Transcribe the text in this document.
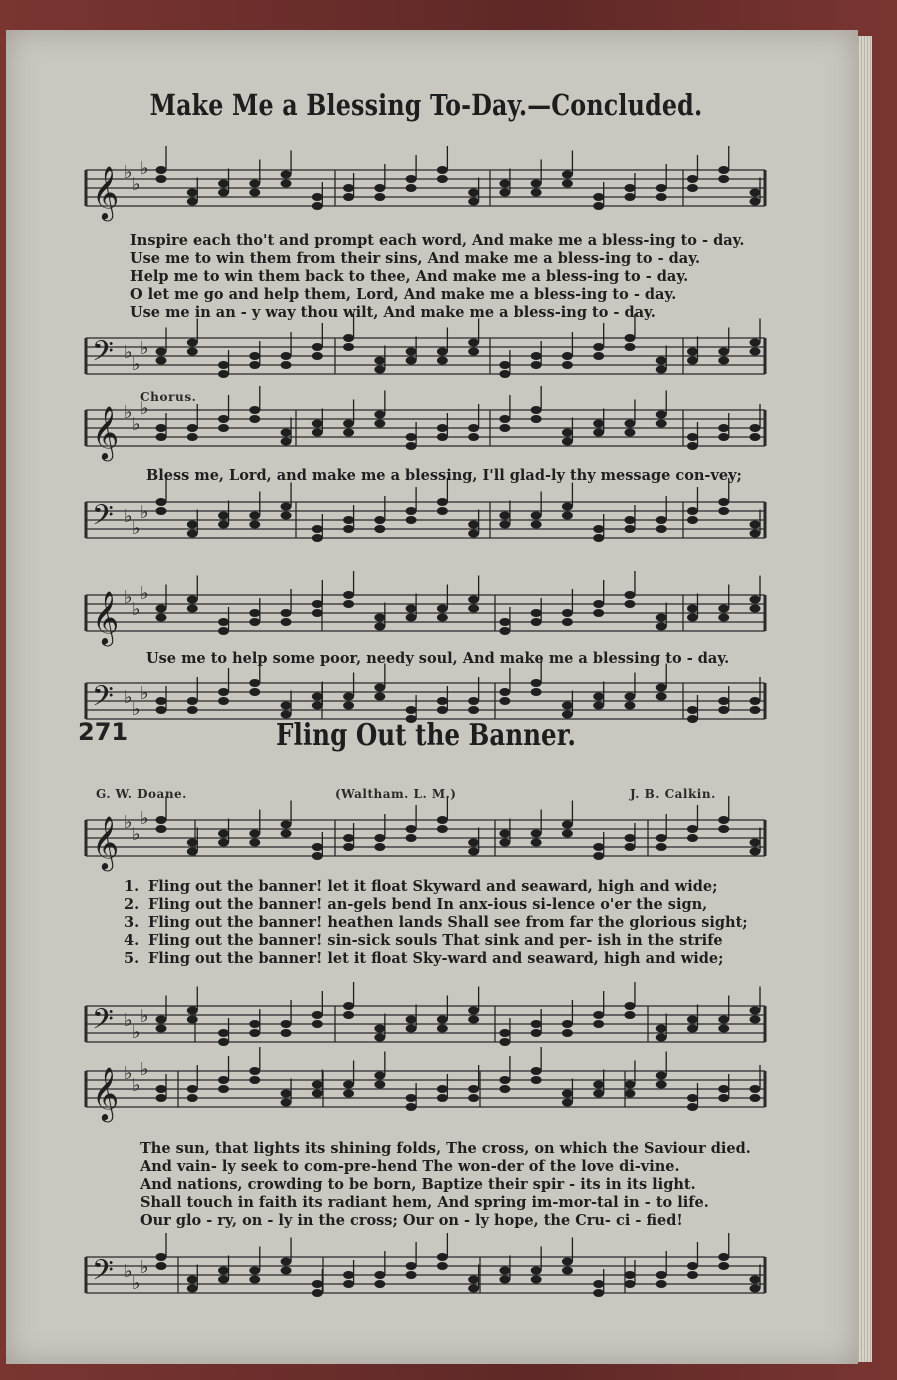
𝄞 ♭
♭
♭
𝄢 ♭
♭
♭
𝄞 ♭
♭
♭
𝄢 ♭
♭
♭
𝄞 ♭
♭
♭
𝄢 ♭
♭
♭
𝄞 ♭
♭
♭
𝄢 ♭
♭
♭
𝄞 ♭
♭
♭
𝄢 ♭
♭
♭
Make Me a Blessing To-Day.—Concluded.
Inspire each tho't and prompt each word, And make me a bless-ing to - day.
Use me to win them from their sins, And make me a bless-ing to - day.
Help me to win them back to thee, And make me a bless-ing to - day.
O let me go and help them, Lord, And make me a bless-ing to - day.
Use me in an - y way thou wilt, And make me a bless-ing to - day.
Chorus.
Bless me, Lord, and make me a blessing, I'll glad-ly thy message con-vey;
Use me to help some poor, needy soul, And make me a blessing to - day.
271	Fling Out the Banner.
G. W. Doane.	(Waltham. L. M.)	J. B. Calkin.
1. Fling out the banner! let it float Skyward and seaward, high and wide;
2. Fling out the banner! an-gels bend In anx-ious si-lence o'er the sign,
3. Fling out the banner! heathen lands Shall see from far the glorious sight;
4. Fling out the banner! sin-sick souls That sink and per- ish in the strife
5. Fling out the banner! let it float Sky-ward and seaward, high and wide;
The sun, that lights its shining folds, The cross, on which the Saviour died.
And vain- ly seek to com-pre-hend The won-der of the love di-vine.
And nations, crowding to be born, Baptize their spir - its in its light.
Shall touch in faith its radiant hem, And spring im-mor-tal in - to life.
Our glo - ry, on - ly in the cross; Our on - ly hope, the Cru- ci - fied!
